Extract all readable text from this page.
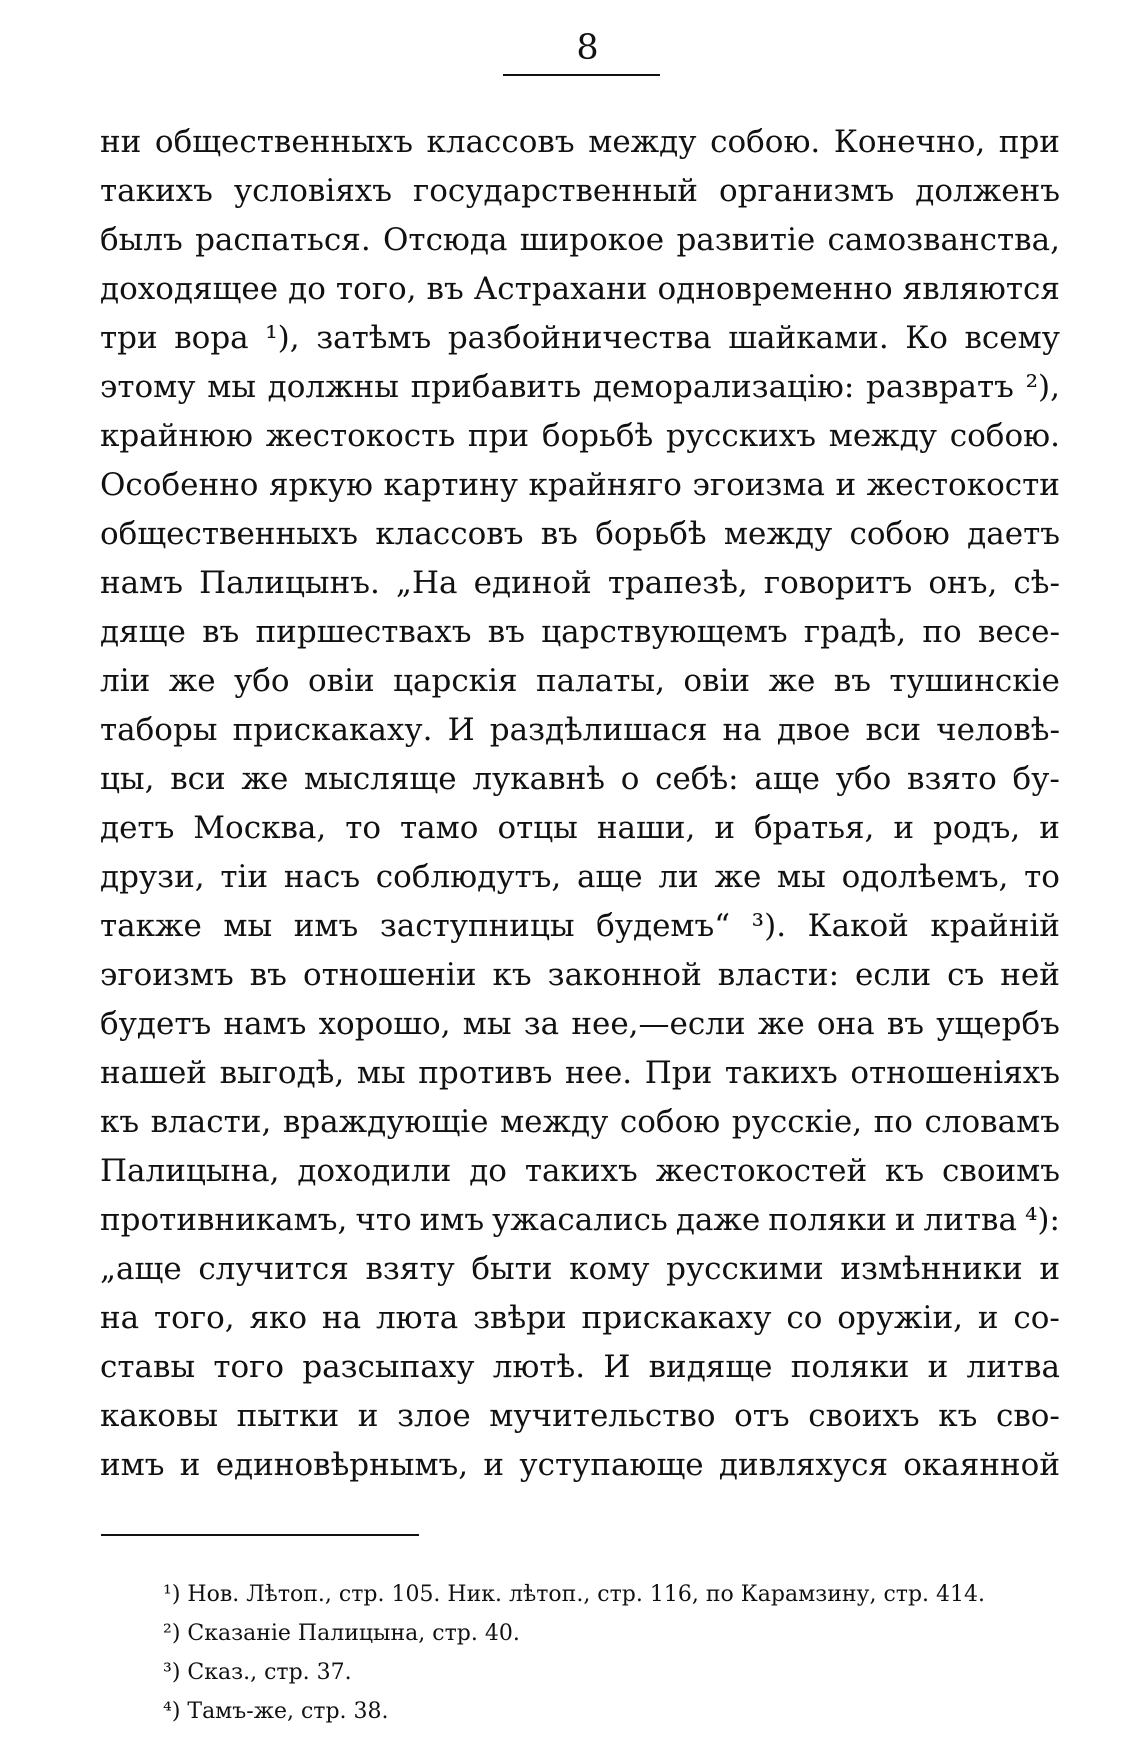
8
ни общественныхъ классовъ между собою. Конечно, при
такихъ условіяхъ государственный организмъ долженъ
былъ распаться. Отсюда широкое развитіе самозванства,
доходящее до того, въ Астрахани одновременно являются
три вора ¹), затѣмъ разбойничества шайками. Ко всему
этому мы должны прибавить деморализацію: развратъ ²),
крайнюю жестокость при борьбѣ русскихъ между собою.
Особенно яркую картину крайняго эгоизма и жестокости
общественныхъ классовъ въ борьбѣ между собою даетъ
намъ Палицынъ. „На единой трапезѣ, говоритъ онъ, сѣ-
дяще въ пиршествахъ въ царствующемъ градѣ, по весе-
ліи же убо овіи царскія палаты, овіи же въ тушинскіе
таборы прискакаху. И раздѣлишася на двое вси человѣ-
цы, вси же мысляще лукавнѣ о себѣ: аще убо взято бу-
детъ Москва, то тамо отцы наши, и братья, и родъ, и
друзи, тіи насъ соблюдутъ, аще ли же мы одолѣемъ, то
также мы имъ заступницы будемъ“ ³). Какой крайній
эгоизмъ въ отношеніи къ законной власти: если съ ней
будетъ намъ хорошо, мы за нее,—если же она въ ущербъ
нашей выгодѣ, мы противъ нее. При такихъ отношеніяхъ
къ власти, враждующіе между собою русскіе, по словамъ
Палицына, доходили до такихъ жестокостей къ своимъ
противникамъ, что имъ ужасались даже поляки и литва ⁴):
„аще случится взяту быти кому русскими измѣнники и
на того, яко на люта звѣри прискакаху со оружіи, и со-
ставы того разсыпаху лютѣ. И видяще поляки и литва
каковы пытки и злое мучительство отъ своихъ къ сво-
имъ и единовѣрнымъ, и уступающе дивляхуся окаянной
¹) Нов. Лѣтоп., стр. 105. Ник. лѣтоп., стр. 116, по Карамзину, стр. 414.
²) Сказаніе Палицына, стр. 40.
³) Сказ., стр. 37.
⁴) Тамъ-же, стр. 38.
